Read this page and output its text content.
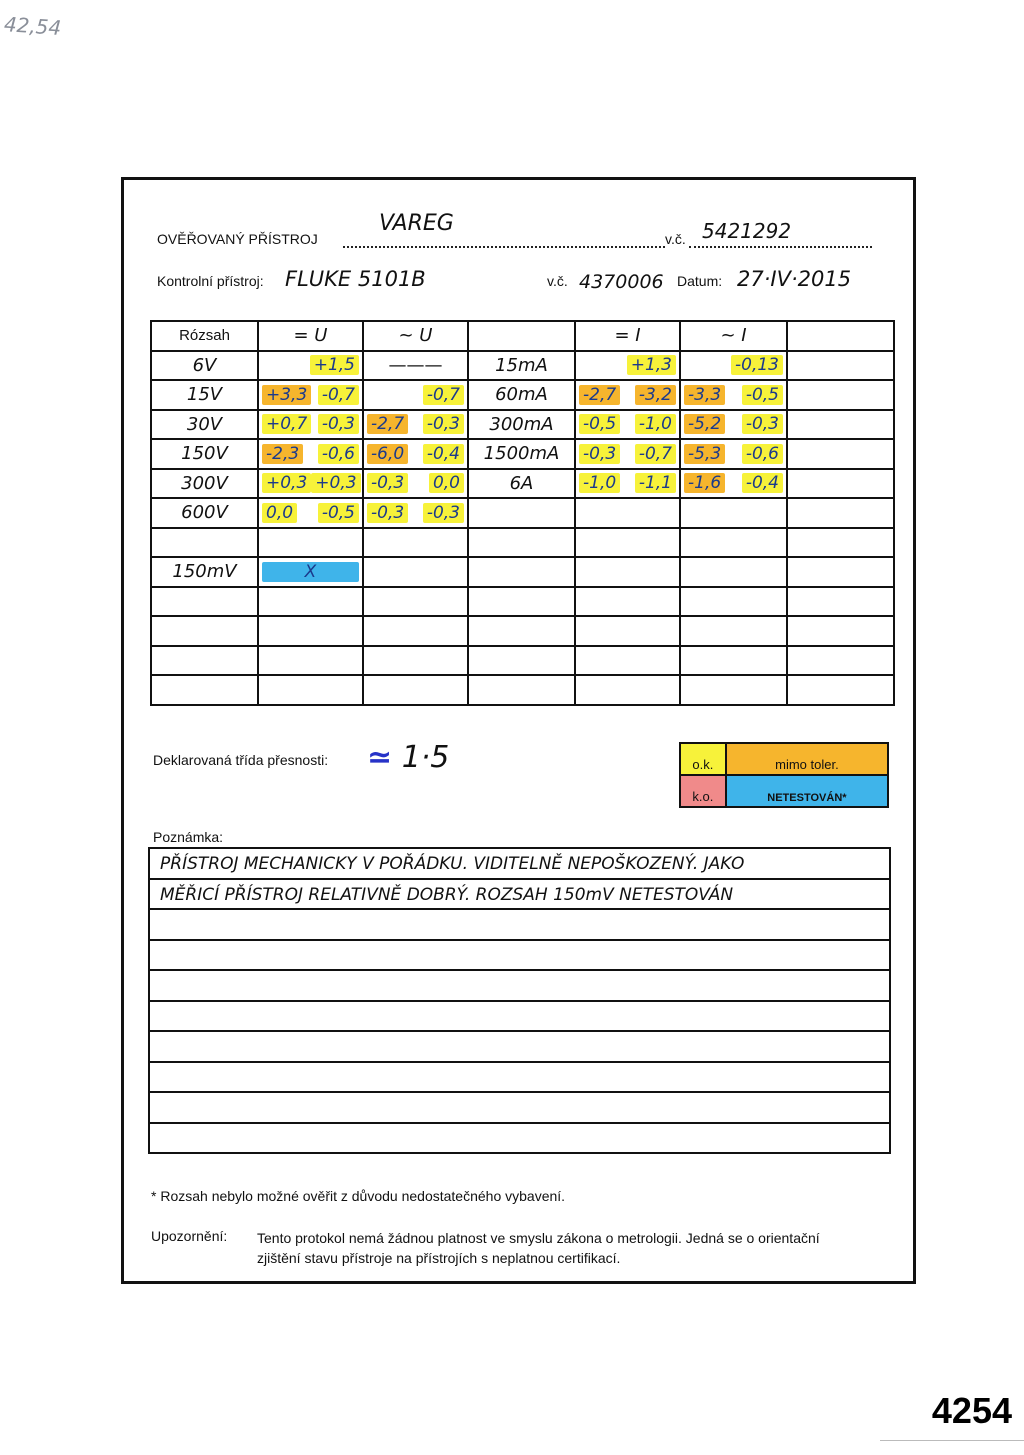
42,54
OVĚŘOVANÝ PŘÍSTROJ
VAREG
v.č. 5421292
Kontrolní přístroj: FLUKE 5101B	v.č. 4370006 Datum: 27·IV·2015
Rózsah	= U	~ U		= I	~ I	
6V	+1,5	———	15mA	+1,3	-0,13	

15V	+3,3 -0,7	-0,7	60mA	-2,7 -3,2	-3,3 -0,5	

30V	+0,7 -0,3	-2,7 -0,3	300mA	-0,5 -1,0	-5,2 -0,3	

150V	-2,3 -0,6	-6,0 -0,4	1500mA	-0,3 -0,7	-5,3 -0,6	

300V	+0,3 +0,3	-0,3 0,0	6A	-1,0 -1,1	-1,6 -0,4	

600V	0,0 -0,5	-0,3 -0,3				

150mV	X					

Deklarovaná třída přesnosti: ≃ 1·5	o.k.	mimo toler.
k.o.	NETESTOVÁN*
Poznámka:
PŘÍSTROJ MECHANICKY V POŘÁDKU. VIDITELNĚ NEPOŠKOZENÝ. JAKO
MĚŘICÍ PŘÍSTROJ RELATIVNĚ DOBRÝ. ROZSAH 150mV NETESTOVÁN
* Rozsah nebylo možné ověřit z důvodu nedostatečného vybavení.
Upozornění: Tento protokol nemá žádnou platnost ve smyslu zákona o metrologii. Jedná se o orientační zjištění stavu přístroje na přístrojích s neplatnou certifikací.
4254
